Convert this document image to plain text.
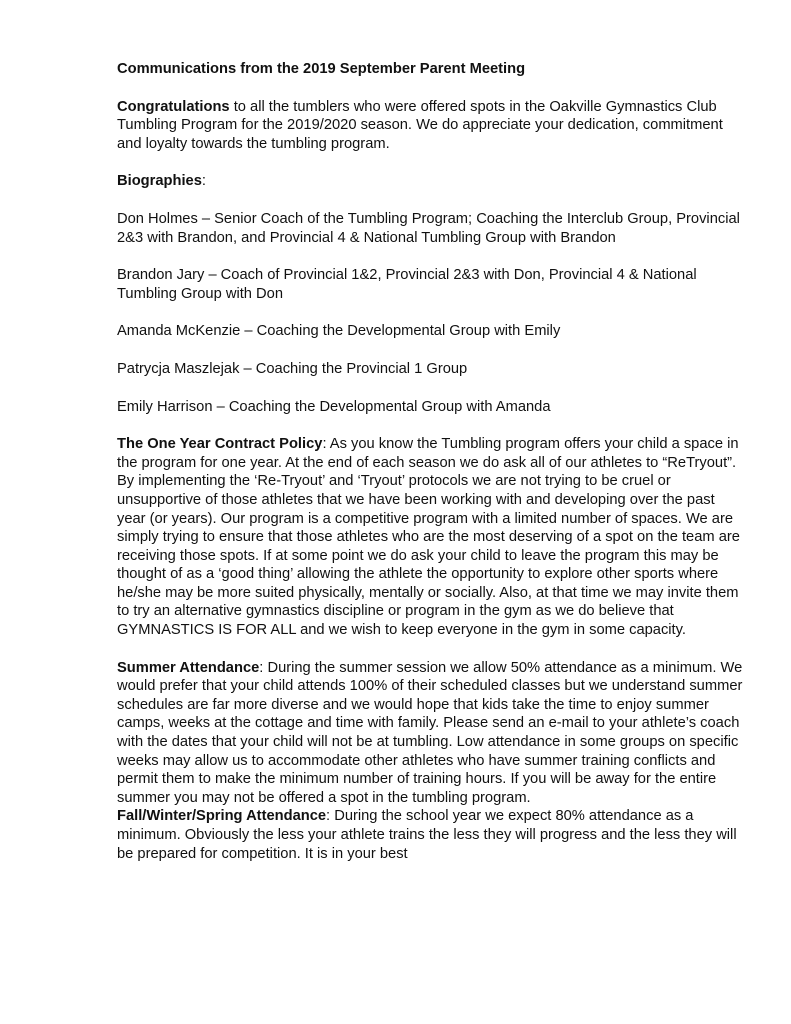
Communications from the 2019 September Parent Meeting

Congratulations to all the tumblers who were offered spots in the Oakville Gymnastics Club Tumbling Program for the 2019/2020 season. We do appreciate your dedication, commitment and loyalty towards the tumbling program.

Biographies:

Don Holmes – Senior Coach of the Tumbling Program; Coaching the Interclub Group, Provincial 2&3 with Brandon, and Provincial 4 & National Tumbling Group with Brandon

Brandon Jary – Coach of Provincial 1&2, Provincial 2&3 with Don, Provincial 4 & National Tumbling Group with Don

Amanda McKenzie – Coaching the Developmental Group with Emily

Patrycja Maszlejak – Coaching the Provincial 1 Group

Emily Harrison – Coaching the Developmental Group with Amanda

The One Year Contract Policy: As you know the Tumbling program offers your child a space in the program for one year. At the end of each season we do ask all of our athletes to “ReTryout”. By implementing the ‘Re-Tryout’ and ‘Tryout’ protocols we are not trying to be cruel or unsupportive of those athletes that we have been working with and developing over the past year (or years). Our program is a competitive program with a limited number of spaces. We are simply trying to ensure that those athletes who are the most deserving of a spot on the team are receiving those spots. If at some point we do ask your child to leave the program this may be thought of as a ‘good thing’ allowing the athlete the opportunity to explore other sports where he/she may be more suited physically, mentally or socially. Also, at that time we may invite them to try an alternative gymnastics discipline or program in the gym as we do believe that GYMNASTICS IS FOR ALL and we wish to keep everyone in the gym in some capacity.

Summer Attendance: During the summer session we allow 50% attendance as a minimum. We would prefer that your child attends 100% of their scheduled classes but we understand summer schedules are far more diverse and we would hope that kids take the time to enjoy summer camps, weeks at the cottage and time with family. Please send an e-mail to your athlete’s coach with the dates that your child will not be at tumbling. Low attendance in some groups on specific weeks may allow us to accommodate other athletes who have summer training conflicts and permit them to make the minimum number of training hours. If you will be away for the entire summer you may not be offered a spot in the tumbling program.

Fall/Winter/Spring Attendance: During the school year we expect 80% attendance as a minimum. Obviously the less your athlete trains the less they will progress and the less they will be prepared for competition. It is in your best
